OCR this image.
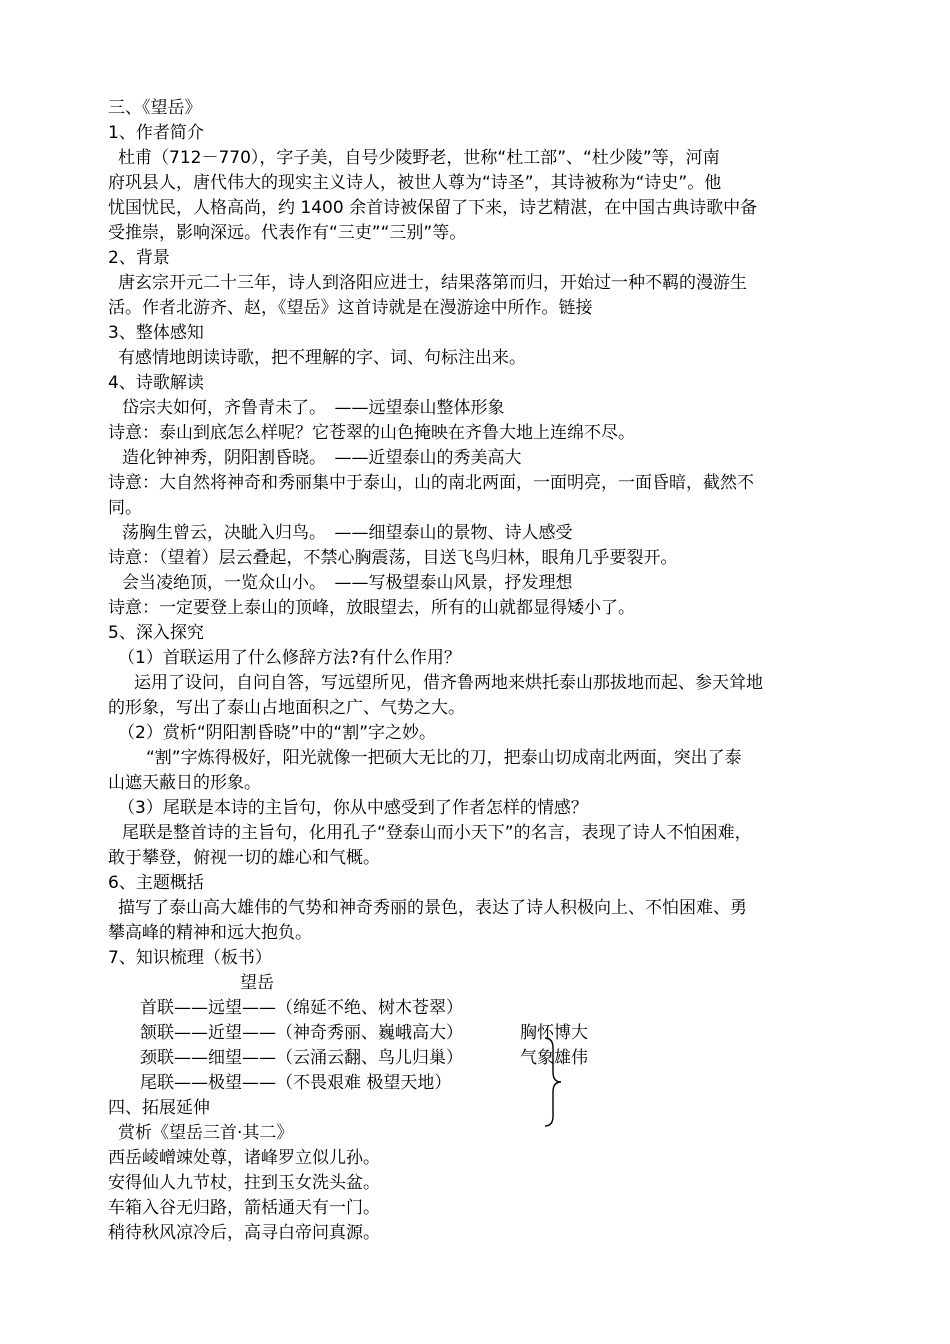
三、《望岳》
1、作者简介
杜甫（712－770），字子美，自号少陵野老，世称“杜工部”、“杜少陵”等，河南
府巩县人，唐代伟大的现实主义诗人，被世人尊为“诗圣”，其诗被称为“诗史”。他
忧国忧民，人格高尚，约 1400 余首诗被保留了下来，诗艺精湛，在中国古典诗歌中备
受推崇，影响深远。代表作有“三吏”“三别”等。
2、背景
唐玄宗开元二十三年，诗人到洛阳应进士，结果落第而归，开始过一种不羁的漫游生
活。作者北游齐、赵，《望岳》这首诗就是在漫游途中所作。链接
3、整体感知
有感情地朗读诗歌，把不理解的字、词、句标注出来。
4、诗歌解读
岱宗夫如何，齐鲁青未了。　——远望泰山整体形象
诗意：泰山到底怎么样呢？它苍翠的山色掩映在齐鲁大地上连绵不尽。
造化钟神秀，阴阳割昏晓。　——近望泰山的秀美高大
诗意：大自然将神奇和秀丽集中于泰山，山的南北两面，一面明亮，一面昏暗，截然不
同。
荡胸生曾云，决眦入归鸟。　——细望泰山的景物、诗人感受
诗意：（望着）层云叠起，不禁心胸震荡，目送飞鸟归林，眼角几乎要裂开。
会当凌绝顶，一览众山小。　——写极望泰山风景，抒发理想
诗意：一定要登上泰山的顶峰，放眼望去，所有的山就都显得矮小了。
5、深入探究
（1）首联运用了什么修辞方法?有什么作用？
运用了设问，自问自答，写远望所见，借齐鲁两地来烘托泰山那拔地而起、参天耸地
的形象，写出了泰山占地面积之广、气势之大。
（2）赏析“阴阳割昏晓”中的“割”字之妙。
“割”字炼得极好，阳光就像一把硕大无比的刀，把泰山切成南北两面，突出了泰
山遮天蔽日的形象。
（3）尾联是本诗的主旨句，你从中感受到了作者怎样的情感？
尾联是整首诗的主旨句，化用孔子“登泰山而小天下”的名言，表现了诗人不怕困难，
敢于攀登，俯视一切的雄心和气概。
6、主题概括
描写了泰山高大雄伟的气势和神奇秀丽的景色，表达了诗人积极向上、不怕困难、勇
攀高峰的精神和远大抱负。
7、知识梳理（板书）
望岳
首联——远望——（绵延不绝、树木苍翠）
颔联——近望——（神奇秀丽、巍峨高大）
颈联——细望——（云涌云翻、鸟儿归巢）
尾联——极望——（不畏艰难 极望天地）
胸怀博大
气象雄伟
四、拓展延伸
赏析《望岳三首·其二》
西岳崚嶒竦处尊，诸峰罗立似儿孙。
安得仙人九节杖，拄到玉女洗头盆。
车箱入谷无归路，箭栝通天有一门。
稍待秋风凉冷后，高寻白帝问真源。
